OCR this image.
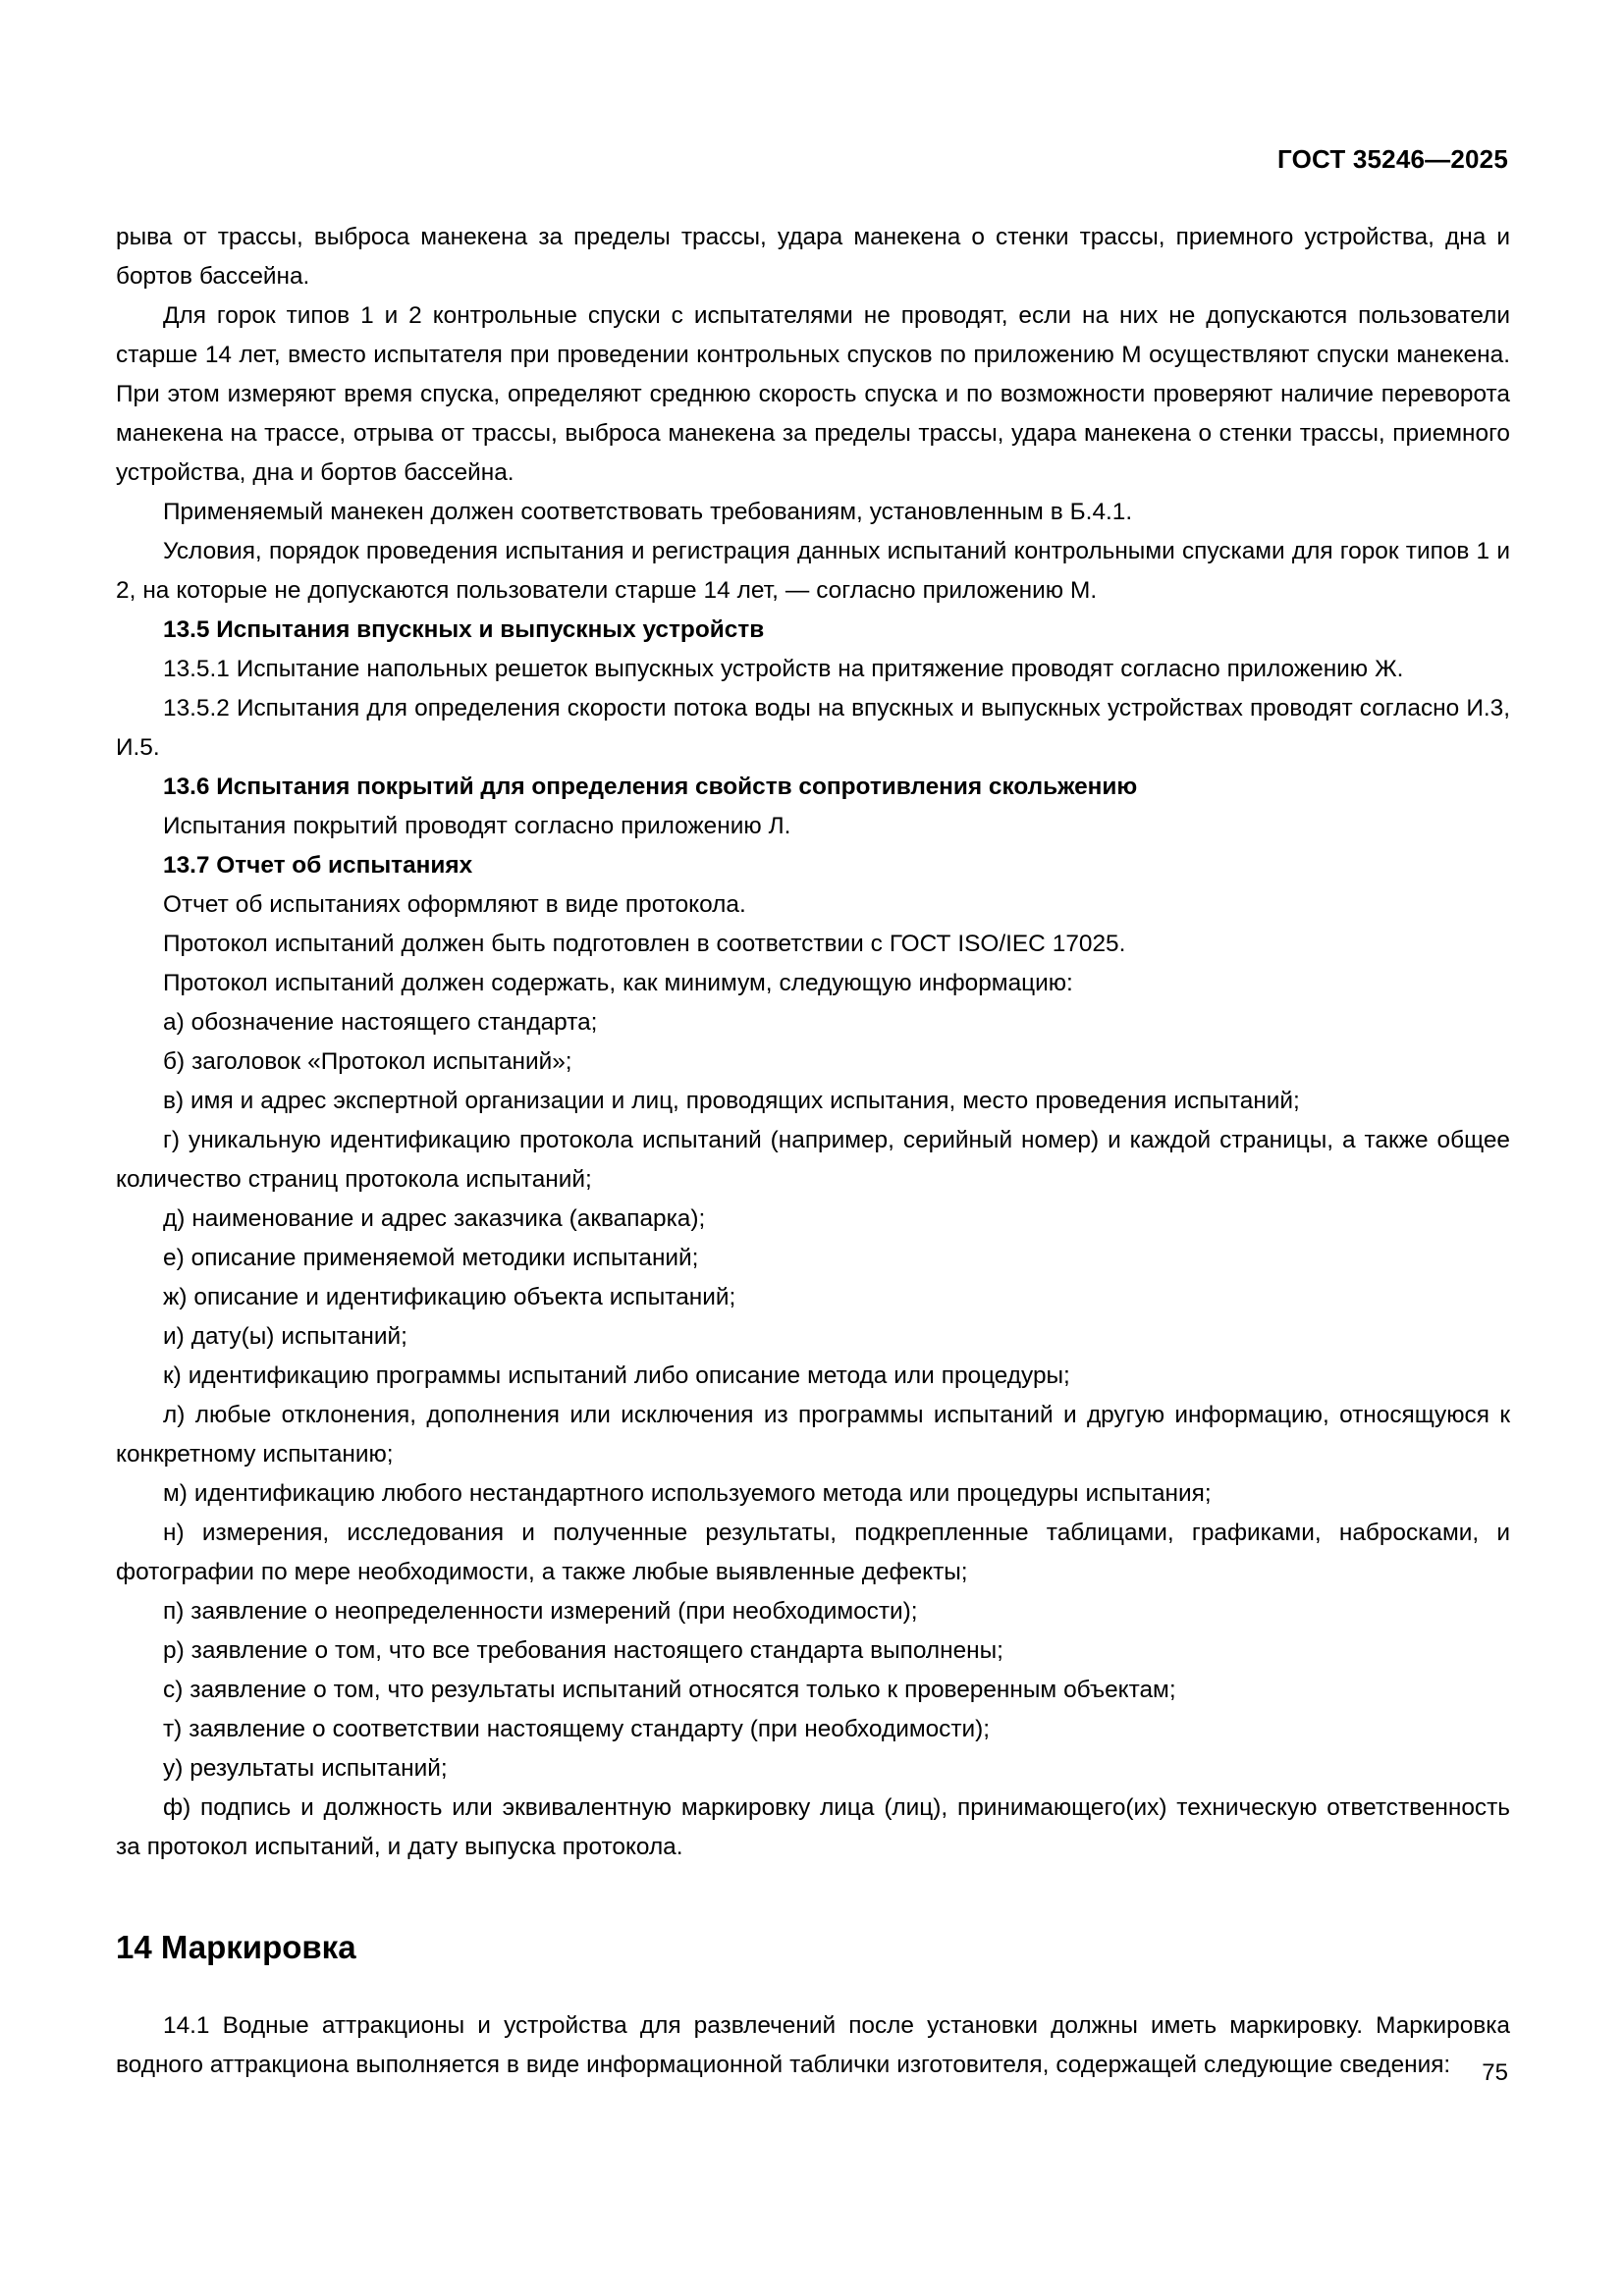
ГОСТ 35246—2025

рыва от трассы, выброса манекена за пределы трассы, удара манекена о стенки трассы, приемного устройства, дна и бортов бассейна.

Для горок типов 1 и 2 контрольные спуски с испытателями не проводят, если на них не допускаются пользователи старше 14 лет, вместо испытателя при проведении контрольных спусков по приложению М осуществляют спуски манекена. При этом измеряют время спуска, определяют среднюю скорость спуска и по возможности проверяют наличие переворота манекена на трассе, отрыва от трассы, выброса манекена за пределы трассы, удара манекена о стенки трассы, приемного устройства, дна и бортов бассейна.

Применяемый манекен должен соответствовать требованиям, установленным в Б.4.1.

Условия, порядок проведения испытания и регистрация данных испытаний контрольными спусками для горок типов 1 и 2, на которые не допускаются пользователи старше 14 лет, — согласно приложению М.

13.5 Испытания впускных и выпускных устройств

13.5.1 Испытание напольных решеток выпускных устройств на притяжение проводят согласно приложению Ж.

13.5.2 Испытания для определения скорости потока воды на впускных и выпускных устройствах проводят согласно И.3, И.5.

13.6 Испытания покрытий для определения свойств сопротивления скольжению

Испытания покрытий проводят согласно приложению Л.

13.7 Отчет об испытаниях

Отчет об испытаниях оформляют в виде протокола.

Протокол испытаний должен быть подготовлен в соответствии с ГОСТ ISO/IEC 17025.

Протокол испытаний должен содержать, как минимум, следующую информацию:

а) обозначение настоящего стандарта;

б) заголовок «Протокол испытаний»;

в) имя и адрес экспертной организации и лиц, проводящих испытания, место проведения испытаний;

г) уникальную идентификацию протокола испытаний (например, серийный номер) и каждой страницы, а также общее количество страниц протокола испытаний;

д) наименование и адрес заказчика (аквапарка);

е) описание применяемой методики испытаний;

ж) описание и идентификацию объекта испытаний;

и) дату(ы) испытаний;

к) идентификацию программы испытаний либо описание метода или процедуры;

л) любые отклонения, дополнения или исключения из программы испытаний и другую информацию, относящуюся к конкретному испытанию;

м) идентификацию любого нестандартного используемого метода или процедуры испытания;

н) измерения, исследования и полученные результаты, подкрепленные таблицами, графиками, набросками, и фотографии по мере необходимости, а также любые выявленные дефекты;

п) заявление о неопределенности измерений (при необходимости);

р) заявление о том, что все требования настоящего стандарта выполнены;

с) заявление о том, что результаты испытаний относятся только к проверенным объектам;

т) заявление о соответствии настоящему стандарту (при необходимости);

у) результаты испытаний;

ф) подпись и должность или эквивалентную маркировку лица (лиц), принимающего(их) техническую ответственность за протокол испытаний, и дату выпуска протокола.

14 Маркировка

14.1 Водные аттракционы и устройства для развлечений после установки должны иметь маркировку. Маркировка водного аттракциона выполняется в виде информационной таблички изготовителя, содержащей следующие сведения:	75
